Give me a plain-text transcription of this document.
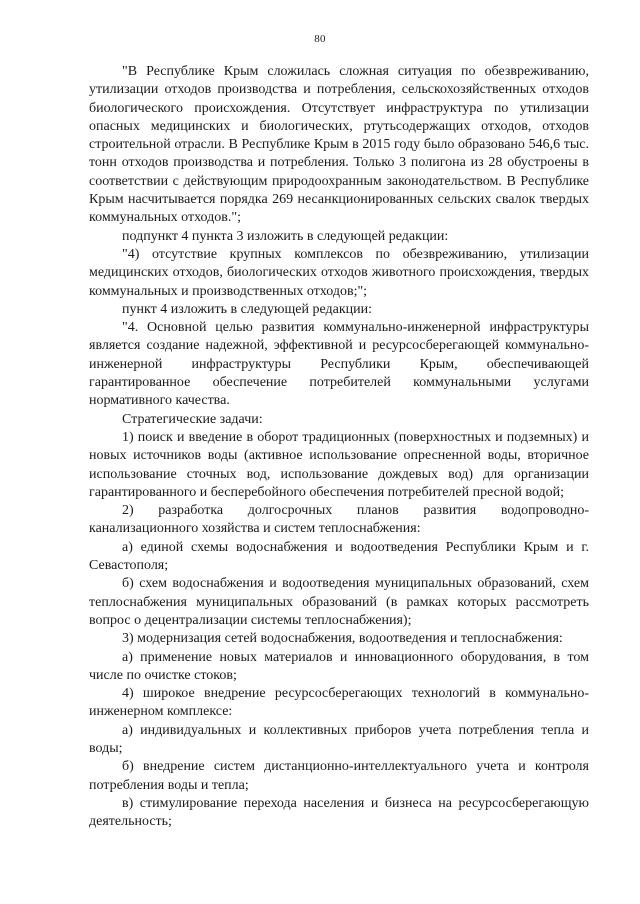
80

"В Республике Крым сложилась сложная ситуация по обезвреживанию, утилизации отходов производства и потребления, сельскохозяйственных отходов биологического происхождения. Отсутствует инфраструктура по утилизации опасных медицинских и биологических, ртутьсодержащих отходов, отходов строительной отрасли. В Республике Крым в 2015 году было образовано 546,6 тыс. тонн отходов производства и потребления. Только 3 полигона из 28 обустроены в соответствии с действующим природоохранным законодательством. В Республике Крым насчитывается порядка 269 несанкционированных сельских свалок твердых коммунальных отходов.";

подпункт 4 пункта 3 изложить в следующей редакции:

"4) отсутствие крупных комплексов по обезвреживанию, утилизации медицинских отходов, биологических отходов животного происхождения, твердых коммунальных и производственных отходов;";

пункт 4 изложить в следующей редакции:

"4. Основной целью развития коммунально-инженерной инфраструктуры является создание надежной, эффективной и ресурсосберегающей коммунально-инженерной инфраструктуры Республики Крым, обеспечивающей гарантированное обеспечение потребителей коммунальными услугами нормативного качества.

Стратегические задачи:

1) поиск и введение в оборот традиционных (поверхностных и подземных) и новых источников воды (активное использование опресненной воды, вторичное использование сточных вод, использование дождевых вод) для организации гарантированного и бесперебойного обеспечения потребителей пресной водой;

2) разработка долгосрочных планов развития водопроводно-канализационного хозяйства и систем теплоснабжения:

а) единой схемы водоснабжения и водоотведения Республики Крым и г. Севастополя;

б) схем водоснабжения и водоотведения муниципальных образований, схем теплоснабжения муниципальных образований (в рамках которых рассмотреть вопрос о децентрализации системы теплоснабжения);

3) модернизация сетей водоснабжения, водоотведения и теплоснабжения:

а) применение новых материалов и инновационного оборудования, в том числе по очистке стоков;

4) широкое внедрение ресурсосберегающих технологий в коммунально-инженерном комплексе:

а) индивидуальных и коллективных приборов учета потребления тепла и воды;

б) внедрение систем дистанционно-интеллектуального учета и контроля потребления воды и тепла;

в) стимулирование перехода населения и бизнеса на ресурсосберегающую деятельность;
